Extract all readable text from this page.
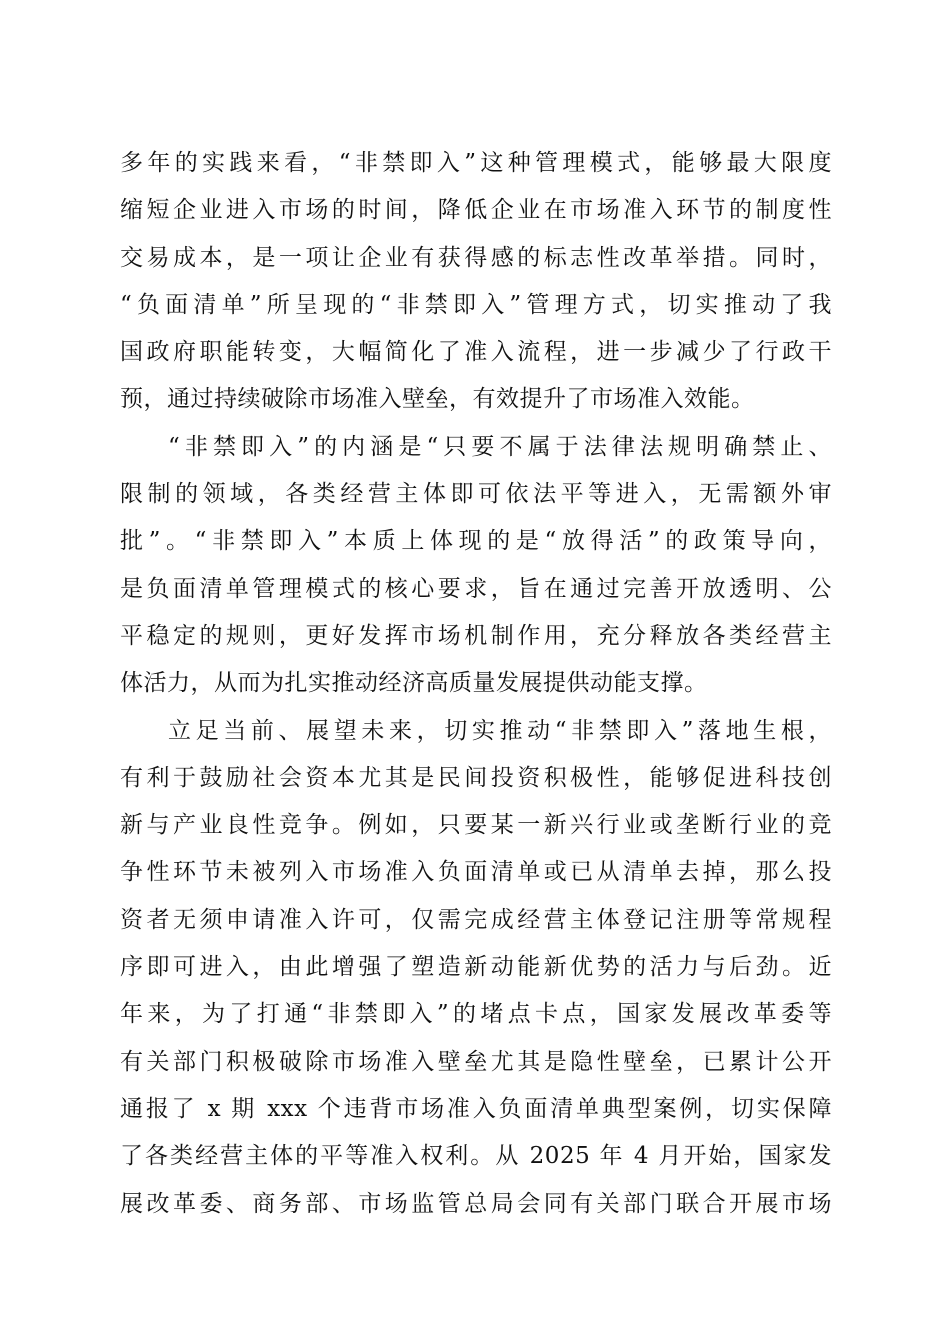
多年的实践来看，“非禁即入”这种管理模式，能够最大限度
缩短企业进入市场的时间，降低企业在市场准入环节的制度性
交易成本，是一项让企业有获得感的标志性改革举措。同时，
“负面清单”所呈现的“非禁即入”管理方式，切实推动了我
国政府职能转变，大幅简化了准入流程，进一步减少了行政干
预，通过持续破除市场准入壁垒，有效提升了市场准入效能。
“非禁即入”的内涵是“只要不属于法律法规明确禁止、
限制的领域，各类经营主体即可依法平等进入，无需额外审
批”。“非禁即入”本质上体现的是“放得活”的政策导向，
是负面清单管理模式的核心要求，旨在通过完善开放透明、公
平稳定的规则，更好发挥市场机制作用，充分释放各类经营主
体活力，从而为扎实推动经济高质量发展提供动能支撑。
立足当前、展望未来，切实推动“非禁即入”落地生根，
有利于鼓励社会资本尤其是民间投资积极性，能够促进科技创
新与产业良性竞争。例如，只要某一新兴行业或垄断行业的竞
争性环节未被列入市场准入负面清单或已从清单去掉，那么投
资者无须申请准入许可，仅需完成经营主体登记注册等常规程
序即可进入，由此增强了塑造新动能新优势的活力与后劲。近
年来，为了打通“非禁即入”的堵点卡点，国家发展改革委等
有关部门积极破除市场准入壁垒尤其是隐性壁垒，已累计公开
通报了 x 期 xxx 个违背市场准入负面清单典型案例，切实保障
了各类经营主体的平等准入权利。从 2025 年 4 月开始，国家发
展改革委、商务部、市场监管总局会同有关部门联合开展市场
